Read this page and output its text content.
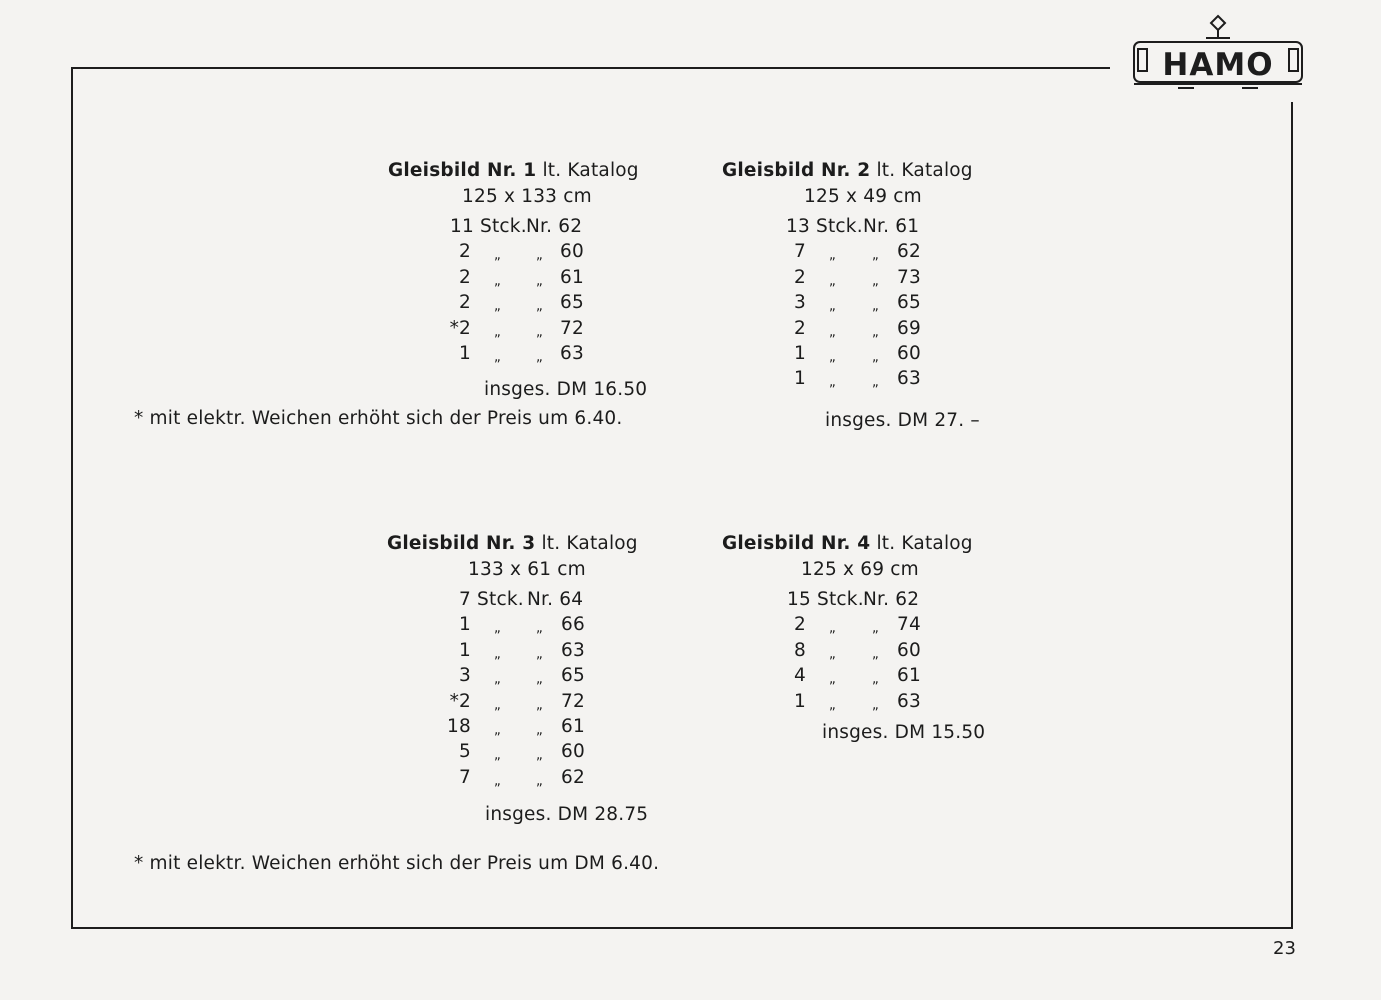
HAMO
Gleisbild Nr. 1 lt. Katalog
125 x 133 cm
11 Stck. Nr. 62
2 „	„ 60
2 „	„ 61
2 „	„ 65
*2 „	„ 72
1 „	„ 63
insges. DM 16.50
* mit elektr. Weichen erhöht sich der Preis um 6.40.
Gleisbild Nr. 2 lt. Katalog
125 x 49 cm
13 Stck. Nr. 61
7 „	„ 62
2 „	„ 73
3 „	„ 65
2 „	„ 69
1 „	„ 60
1 „	„ 63
insges. DM 27. –
Gleisbild Nr. 3 lt. Katalog
133 x 61 cm
7 Stck. Nr. 64
1 „	„ 66
1 „	„ 63
3 „	„ 65
*2 „	„ 72
18 „	„ 61
5 „	„ 60
7 „	„ 62
insges. DM 28.75
* mit elektr. Weichen erhöht sich der Preis um DM 6.40.
Gleisbild Nr. 4 lt. Katalog
125 x 69 cm
15 Stck. Nr. 62
2 „	„ 74
8 „	„ 60
4 „	„ 61
1 „	„ 63
insges. DM 15.50
23
